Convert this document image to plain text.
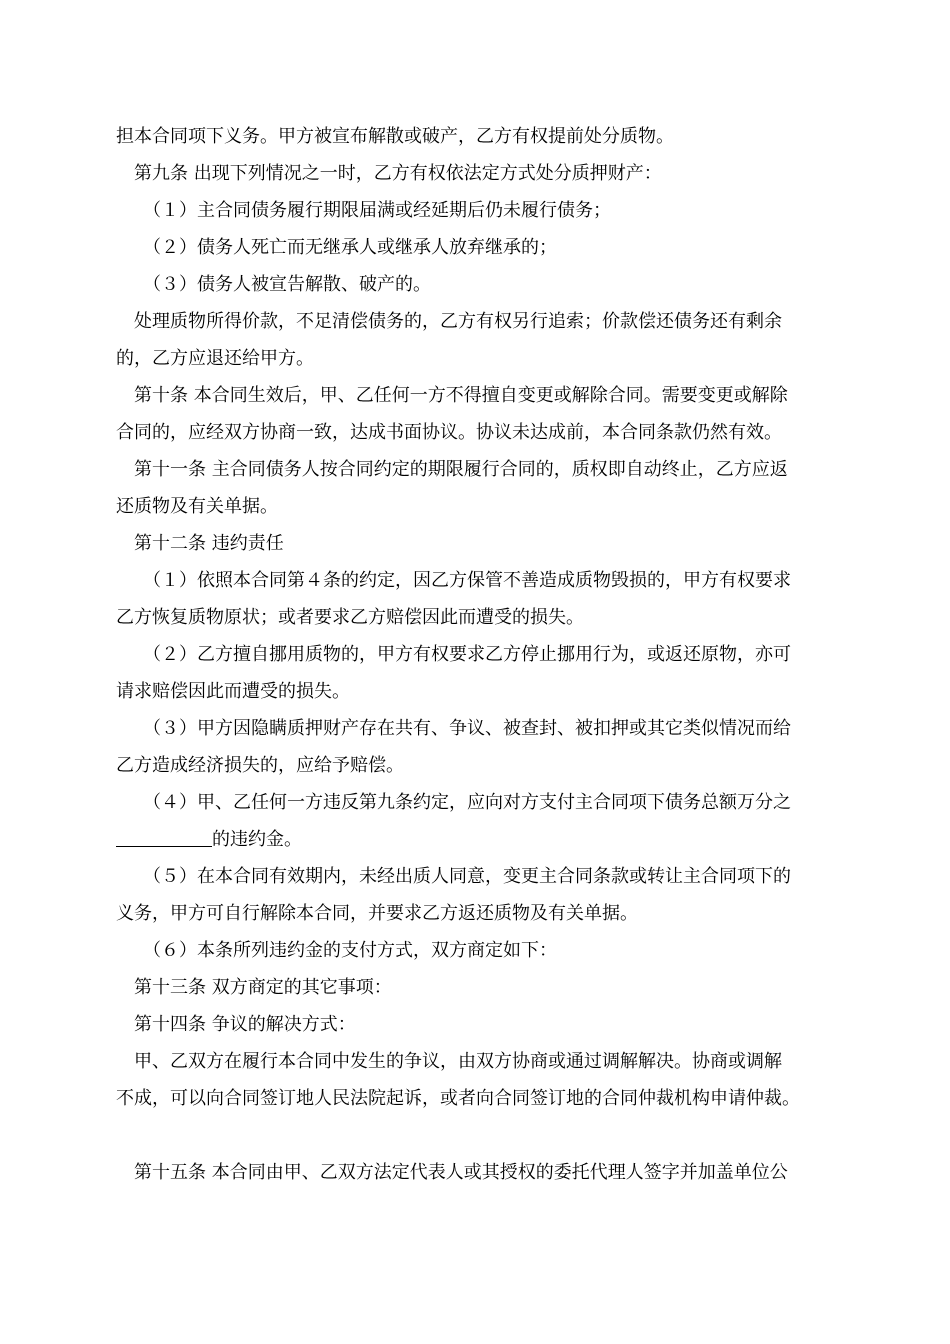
担本合同项下义务。甲方被宣布解散或破产，乙方有权提前处分质物。
第九条 出现下列情况之一时，乙方有权依法定方式处分质押财产：
（１）主合同债务履行期限届满或经延期后仍未履行债务；
（２）债务人死亡而无继承人或继承人放弃继承的；
（３）债务人被宣告解散、破产的。
处理质物所得价款，不足清偿债务的，乙方有权另行追索；价款偿还债务还有剩余
的，乙方应退还给甲方。
第十条 本合同生效后，甲、乙任何一方不得擅自变更或解除合同。需要变更或解除
合同的，应经双方协商一致，达成书面协议。协议未达成前，本合同条款仍然有效。
第十一条 主合同债务人按合同约定的期限履行合同的，质权即自动终止，乙方应返
还质物及有关单据。
第十二条 违约责任
（１）依照本合同第４条的约定，因乙方保管不善造成质物毁损的，甲方有权要求
乙方恢复质物原状；或者要求乙方赔偿因此而遭受的损失。
（２）乙方擅自挪用质物的，甲方有权要求乙方停止挪用行为，或返还原物，亦可
请求赔偿因此而遭受的损失。
（３）甲方因隐瞒质押财产存在共有、争议、被查封、被扣押或其它类似情况而给
乙方造成经济损失的，应给予赔偿。
（４）甲、乙任何一方违反第九条约定，应向对方支付主合同项下债务总额万分之
的违约金。
（５）在本合同有效期内，未经出质人同意，变更主合同条款或转让主合同项下的
义务，甲方可自行解除本合同，并要求乙方返还质物及有关单据。
（６）本条所列违约金的支付方式，双方商定如下：
第十三条 双方商定的其它事项：
第十四条 争议的解决方式：
甲、乙双方在履行本合同中发生的争议，由双方协商或通过调解解决。协商或调解
不成，可以向合同签订地人民法院起诉，或者向合同签订地的合同仲裁机构申请仲裁。
第十五条 本合同由甲、乙双方法定代表人或其授权的委托代理人签字并加盖单位公
